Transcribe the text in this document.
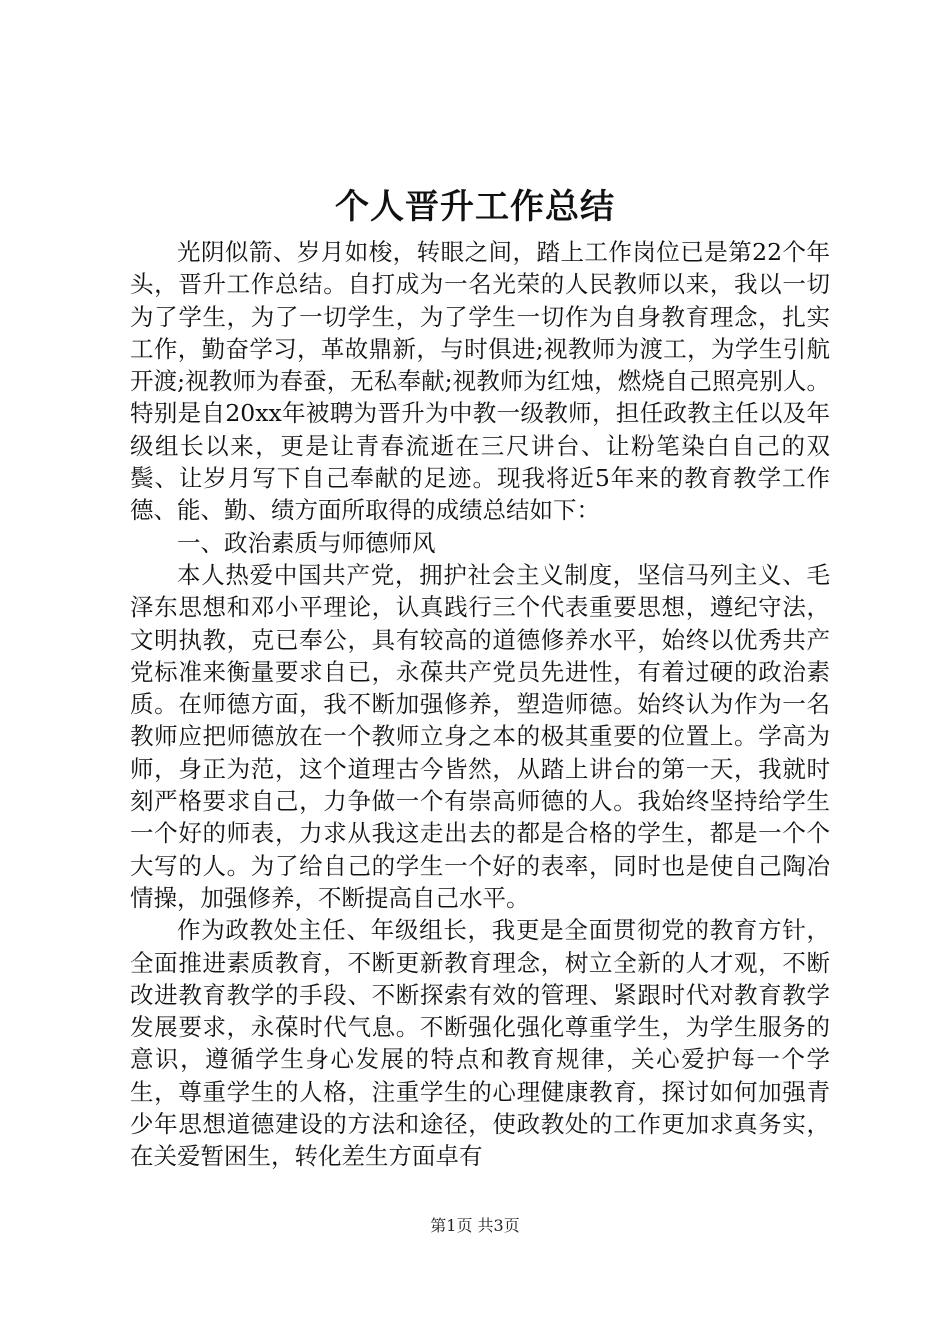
个人晋升工作总结

光阴似箭、岁月如梭，转眼之间，踏上工作岗位已是第22个年头，晋升工作总结。自打成为一名光荣的人民教师以来，我以一切为了学生，为了一切学生，为了学生一切作为自身教育理念，扎实工作，勤奋学习，革故鼎新，与时俱进;视教师为渡工，为学生引航开渡;视教师为春蚕，无私奉献;视教师为红烛，燃烧自己照亮别人。特别是自20xx年被聘为晋升为中教一级教师，担任政教主任以及年级组长以来，更是让青春流逝在三尺讲台、让粉笔染白自己的双鬓、让岁月写下自己奉献的足迹。现我将近5年来的教育教学工作德、能、勤、绩方面所取得的成绩总结如下：

一、政治素质与师德师风

本人热爱中国共产党，拥护社会主义制度，坚信马列主义、毛泽东思想和邓小平理论，认真践行三个代表重要思想，遵纪守法，文明执教，克已奉公，具有较高的道德修养水平，始终以优秀共产党标准来衡量要求自已，永葆共产党员先进性，有着过硬的政治素质。在师德方面，我不断加强修养，塑造师德。始终认为作为一名教师应把师德放在一个教师立身之本的极其重要的位置上。学高为师，身正为范，这个道理古今皆然，从踏上讲台的第一天，我就时刻严格要求自己，力争做一个有崇高师德的人。我始终坚持给学生一个好的师表，力求从我这走出去的都是合格的学生，都是一个个大写的人。为了给自己的学生一个好的表率，同时也是使自己陶冶情操，加强修养，不断提高自己水平。

作为政教处主任、年级组长，我更是全面贯彻党的教育方针，全面推进素质教育，不断更新教育理念，树立全新的人才观，不断改进教育教学的手段、不断探索有效的管理、紧跟时代对教育教学发展要求，永葆时代气息。不断强化强化尊重学生，为学生服务的意识，遵循学生身心发展的特点和教育规律，关心爱护每一个学生，尊重学生的人格，注重学生的心理健康教育，探讨如何加强青少年思想道德建设的方法和途径，使政教处的工作更加求真务实，在关爱暂困生，转化差生方面卓有

第1页 共3页
